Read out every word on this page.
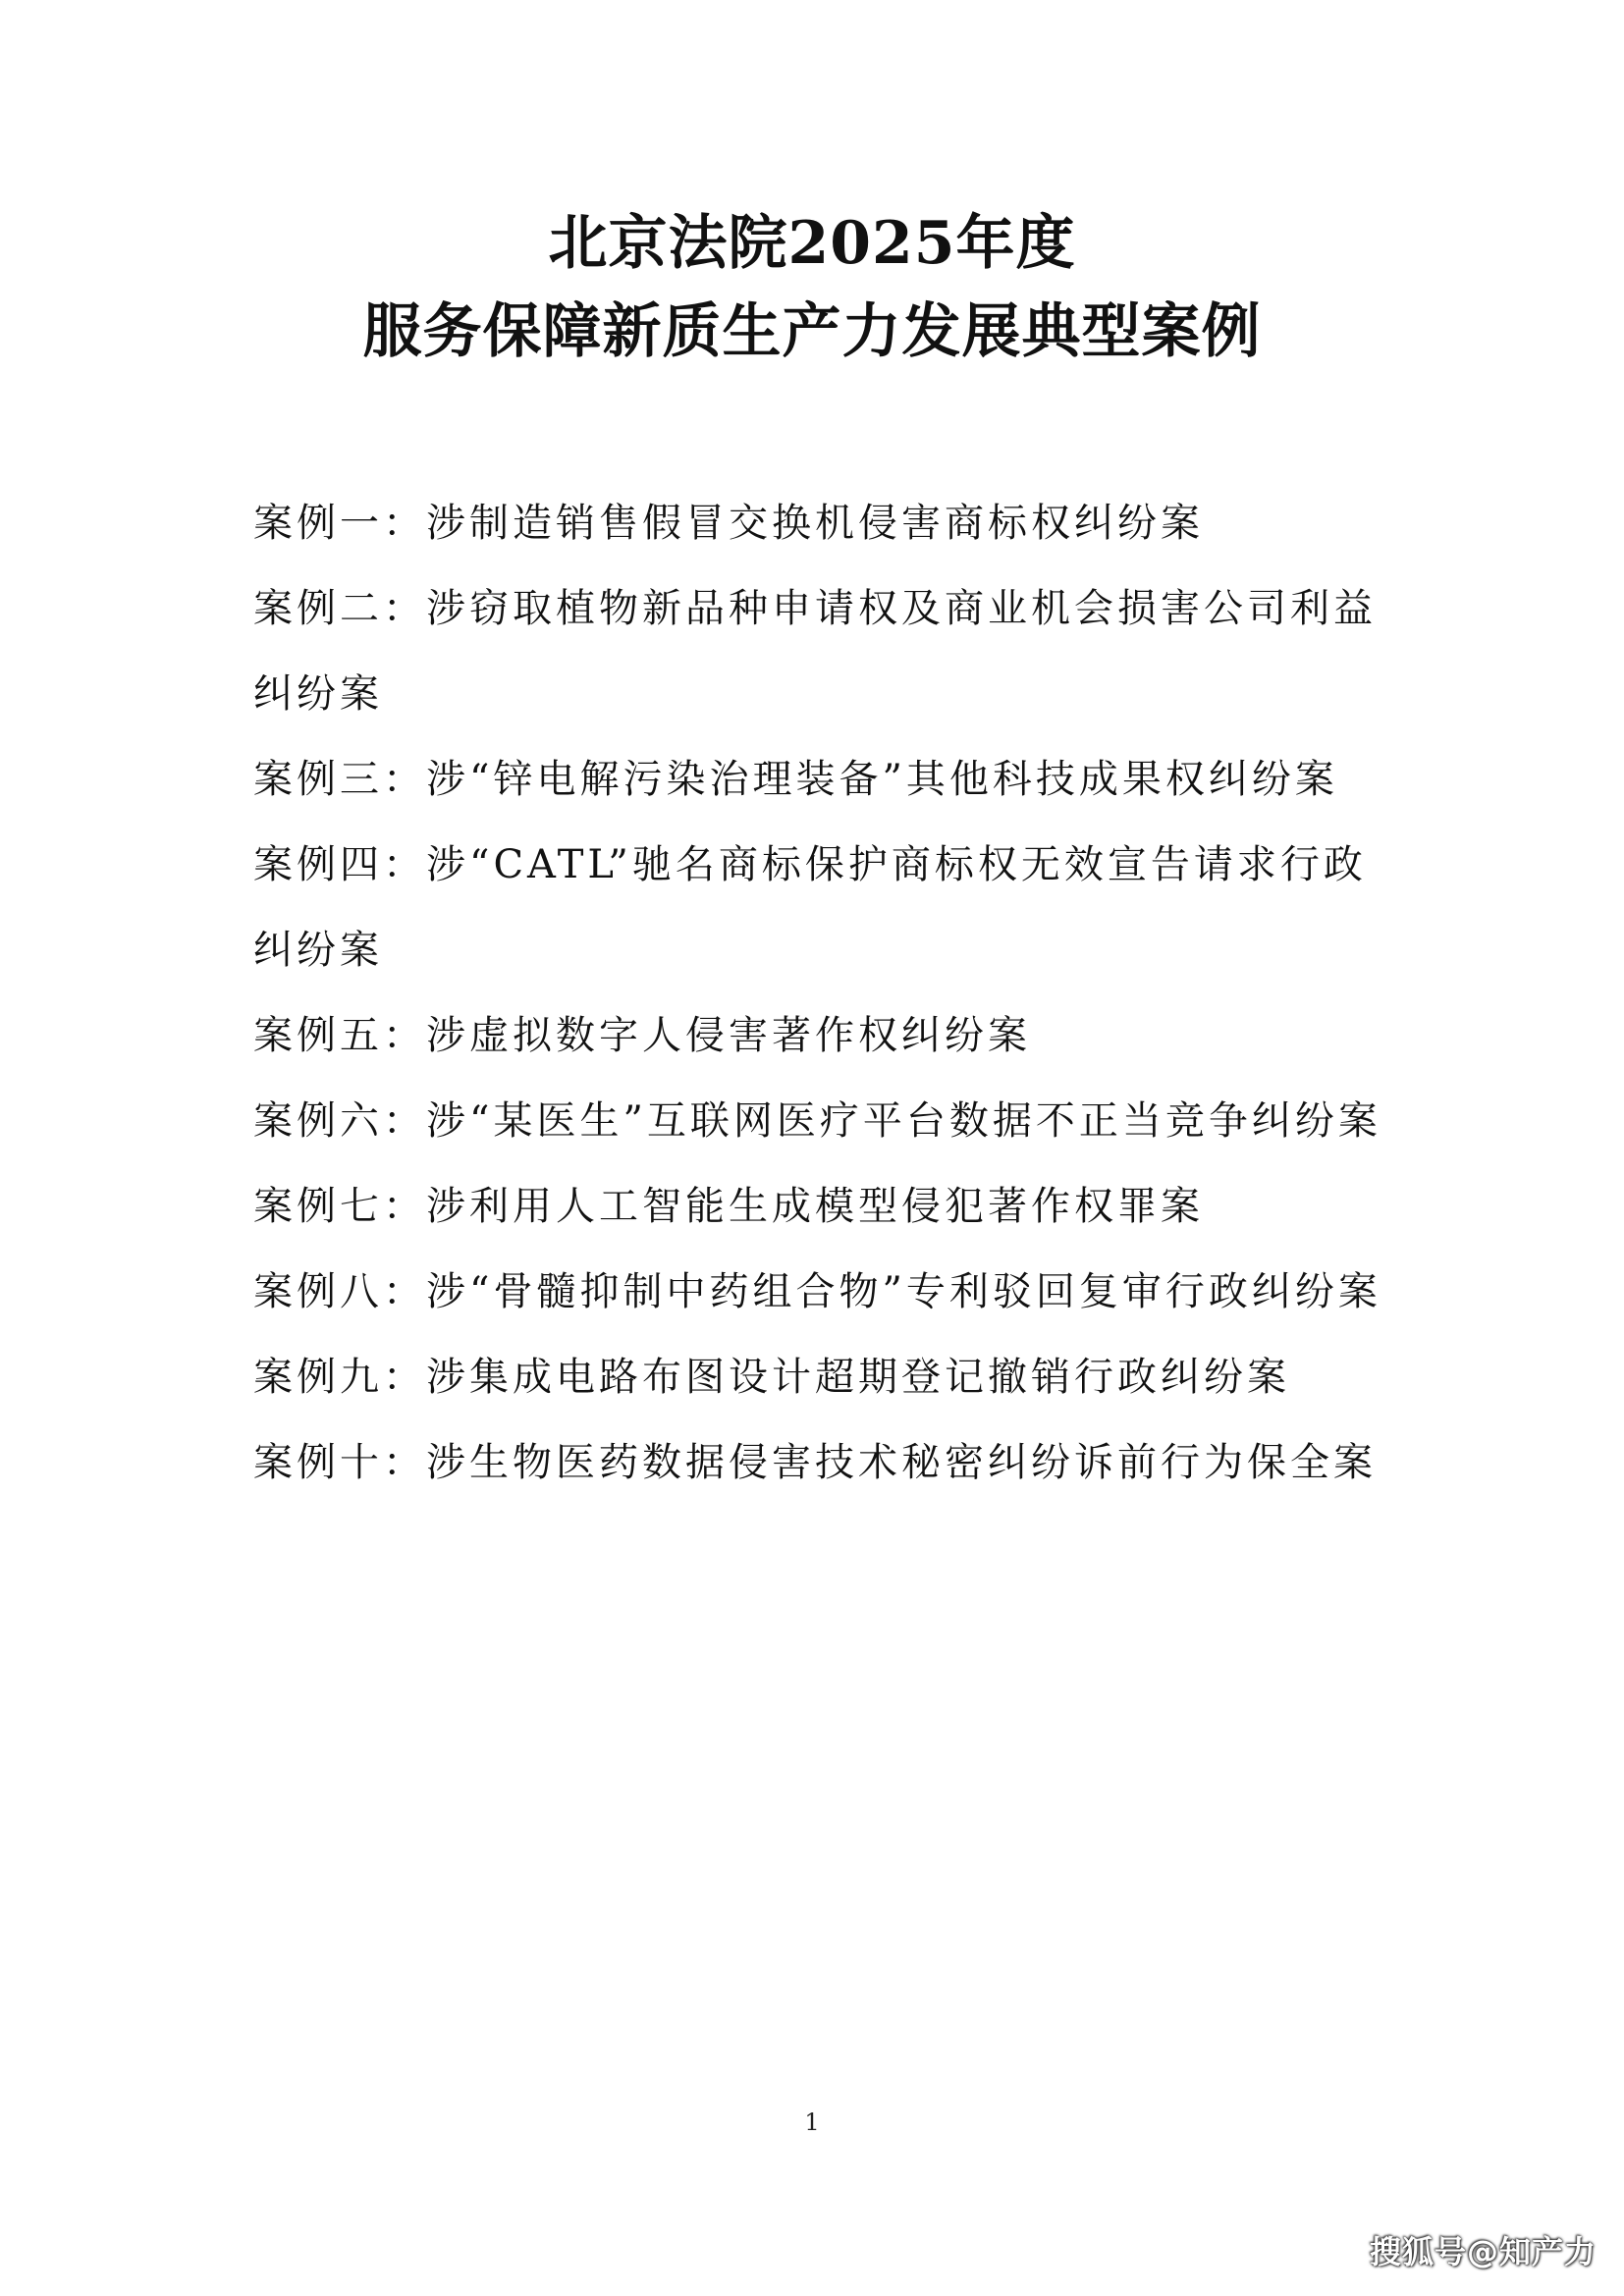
北京法院2025年度
服务保障新质生产力发展典型案例
案例一：涉制造销售假冒交换机侵害商标权纠纷案
案例二：涉窃取植物新品种申请权及商业机会损害公司利益纠纷案
案例三：涉“锌电解污染治理装备”其他科技成果权纠纷案
案例四：涉“CATL”驰名商标保护商标权无效宣告请求行政纠纷案
案例五：涉虚拟数字人侵害著作权纠纷案
案例六：涉“某医生”互联网医疗平台数据不正当竞争纠纷案
案例七：涉利用人工智能生成模型侵犯著作权罪案
案例八：涉“骨髓抑制中药组合物”专利驳回复审行政纠纷案
案例九：涉集成电路布图设计超期登记撤销行政纠纷案
案例十：涉生物医药数据侵害技术秘密纠纷诉前行为保全案
1
搜狐号@知产力
